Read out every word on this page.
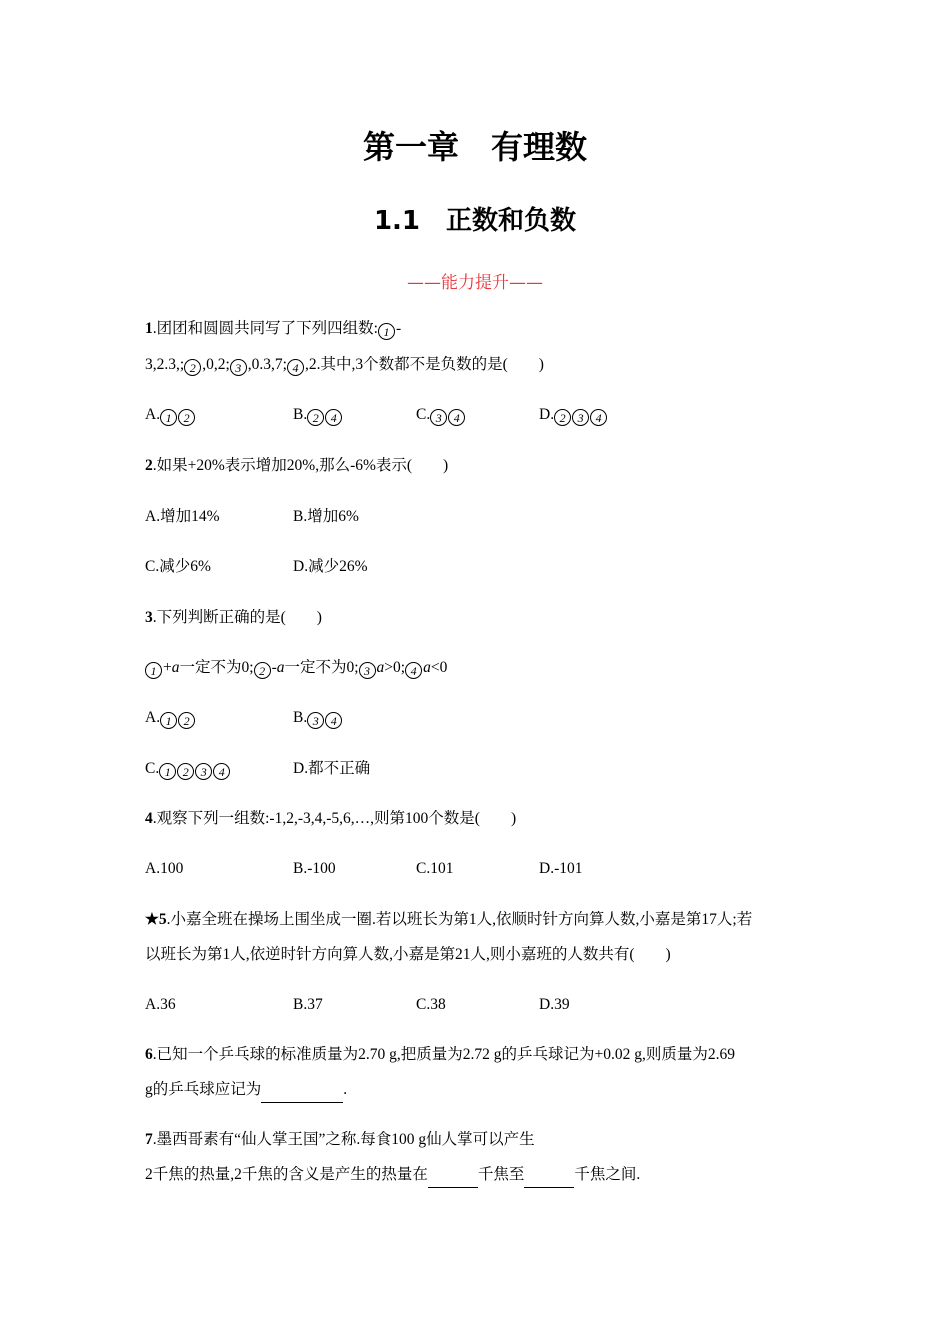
第一章　有理数
1.1　正数和负数
——能力提升——
1.团团和圆圆共同写了下列四组数: 1 -
3,2.3,; 2 ,0,2; 3 ,0.3,7; 4 ,2.其中,3个数都不是负数的是(　　)
A. 1 2	B. 2 4	C. 3 4	D. 2 3 4
2.如果+20%表示增加20%,那么-6%表示(　　)
A.增加14%	B.增加6%
C.减少6%	D.减少26%
3.下列判断正确的是(　　)
1 +a一定不为0; 2 -a一定不为0; 3 a>0; 4 a<0
A. 1 2	B. 3 4
C. 1 2 3 4	D.都不正确
4.观察下列一组数:-1,2,-3,4,-5,6,…,则第100个数是(　　)
A.100	B.-100	C.101	D.-101
★5.小嘉全班在操场上围坐成一圈.若以班长为第1人,依顺时针方向算人数,小嘉是第17人;若
以班长为第1人,依逆时针方向算人数,小嘉是第21人,则小嘉班的人数共有(　　)
A.36	B.37	C.38	D.39
6.已知一个乒乓球的标准质量为2.70 g,把质量为2.72 g的乒乓球记为+0.02 g,则质量为2.69
g的乒乓球应记为	.
7.墨西哥素有“仙人掌王国”之称.每食100 g仙人掌可以产生
2千焦的热量,2千焦的含义是产生的热量在	千焦至	千焦之间.
